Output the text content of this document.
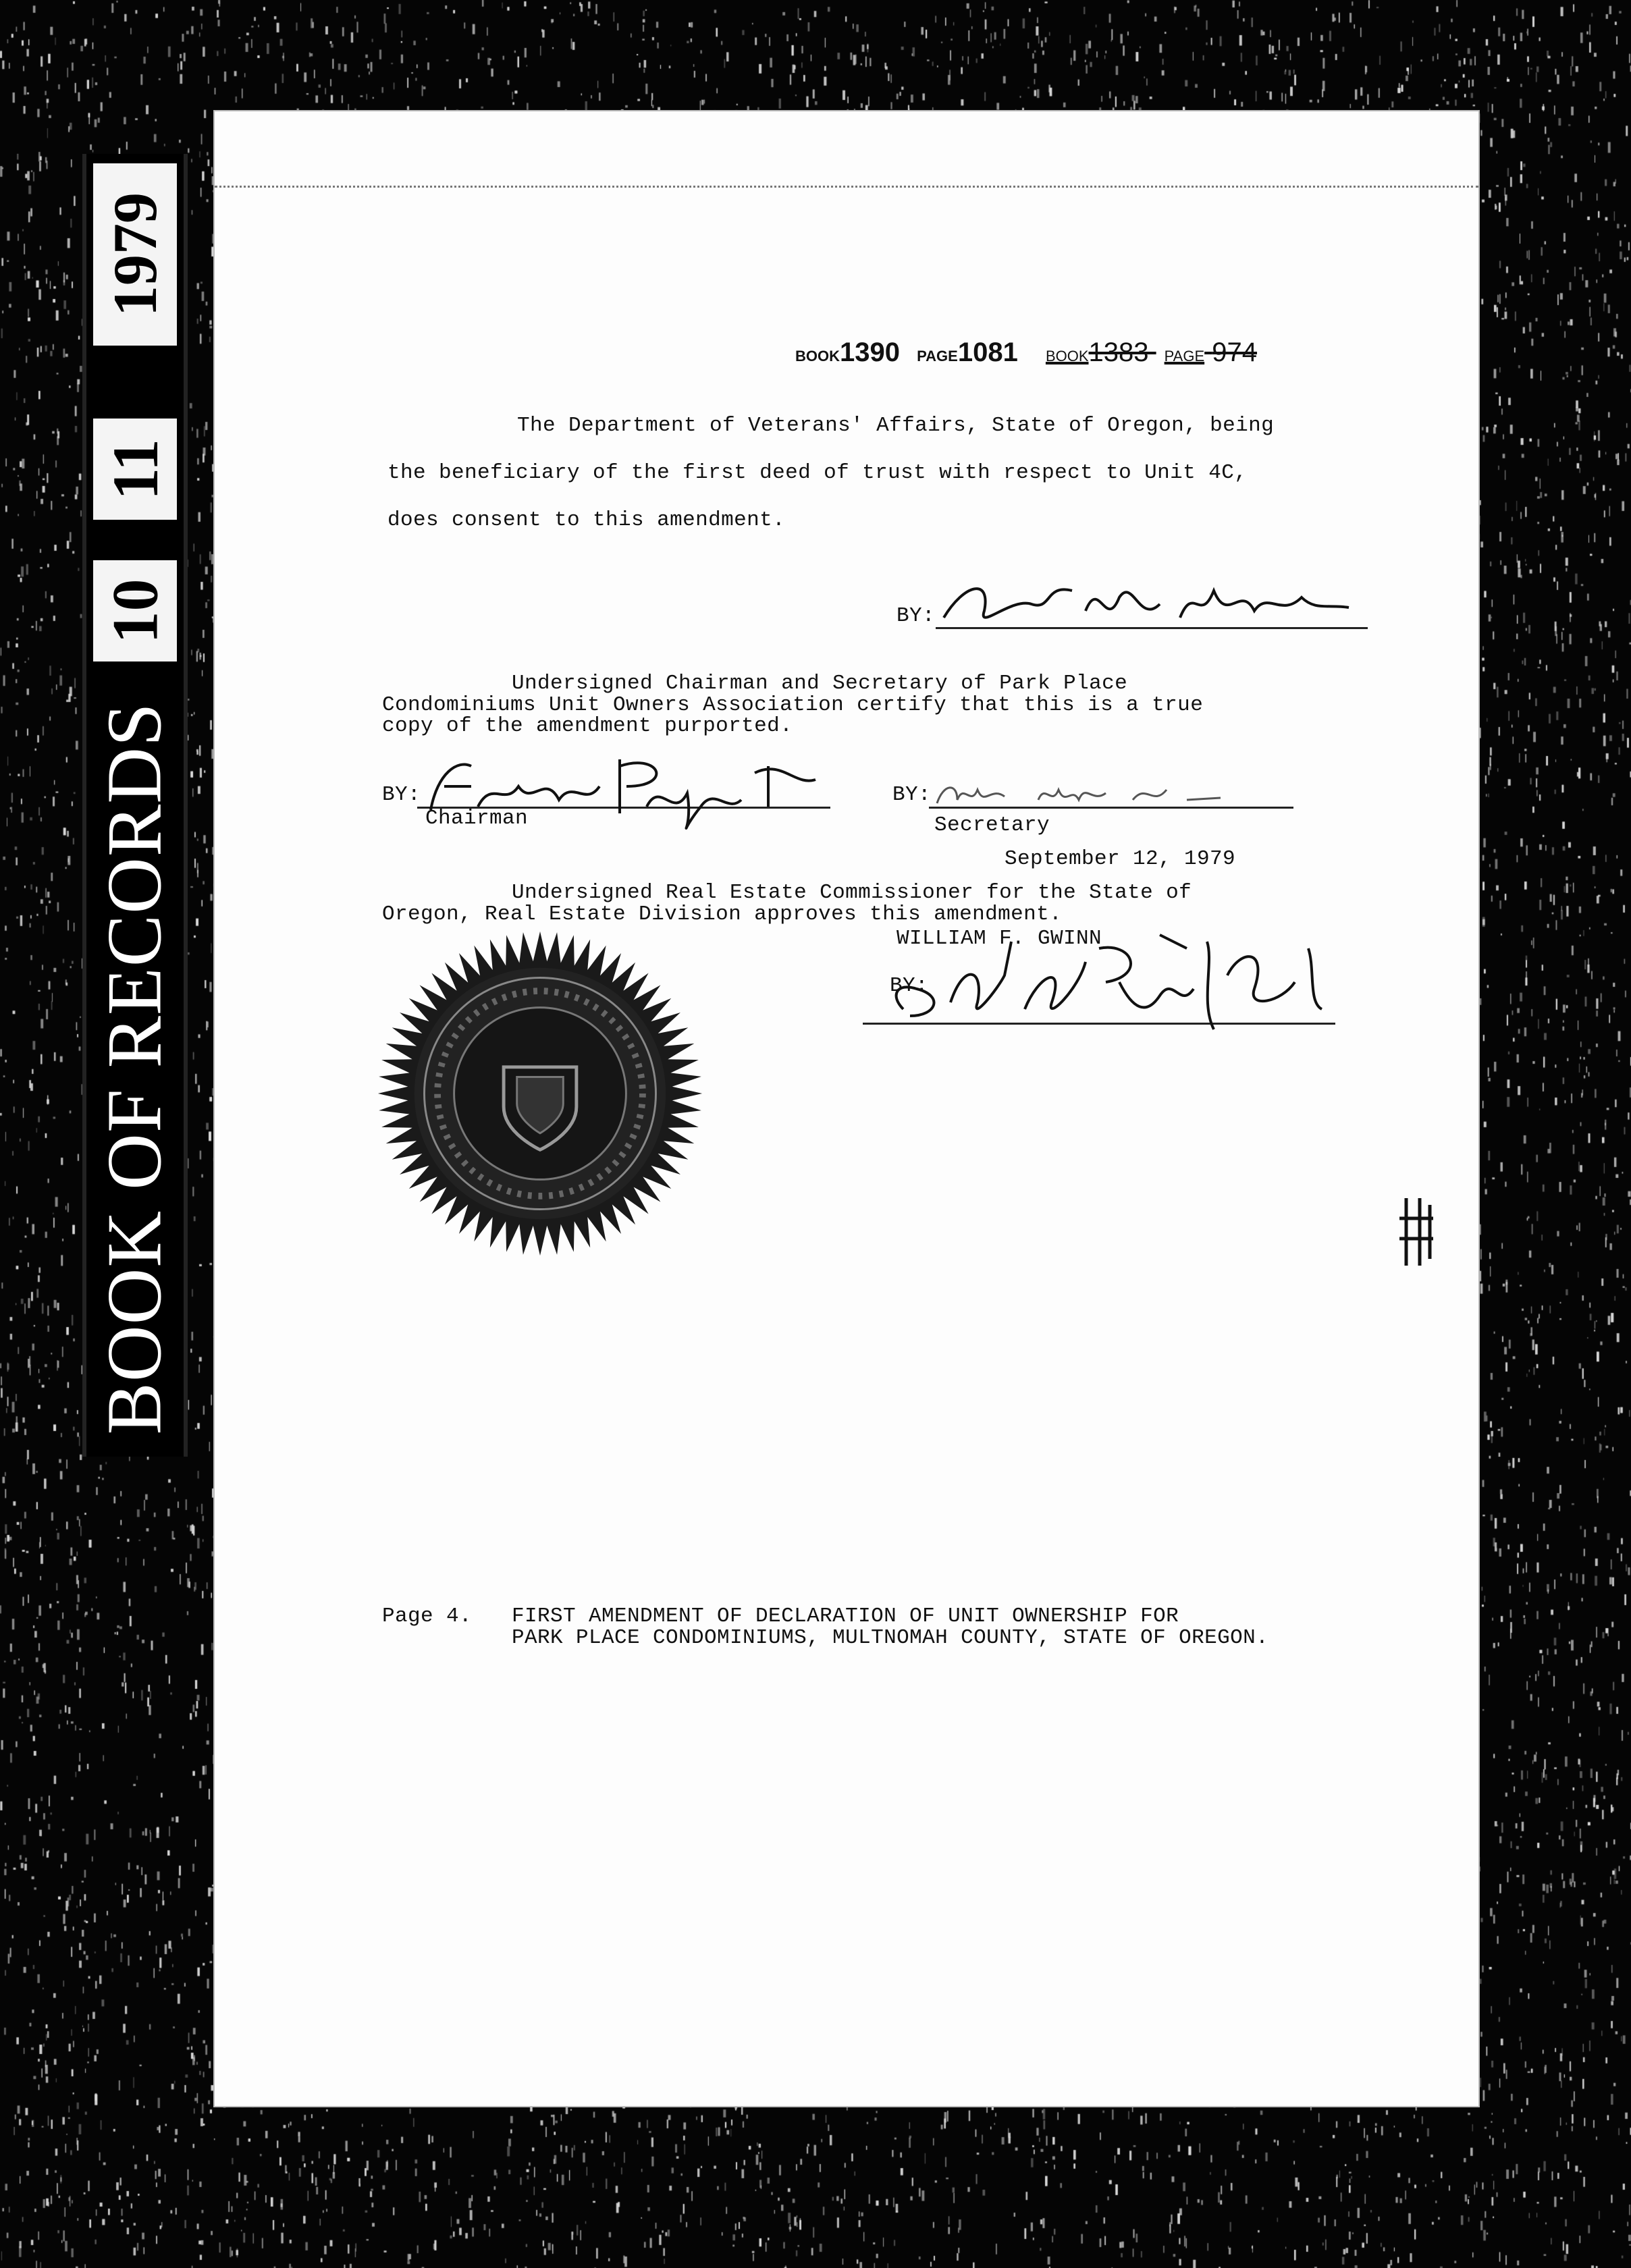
1979
11
10
BOOK OF RECORDS
BOOK1390 PAGE1081 BOOK1383 PAGE 974
The Department of Veterans' Affairs, State of Oregon, being
the beneficiary of the first deed of trust with respect to Unit 4C,
does consent to this amendment.
BY:
Undersigned Chairman and Secretary of Park Place
Condominiums Unit Owners Association certify that this is a true
copy of the amendment purported.
BY:
Chairman
BY:
Secretary
September 12, 1979
Undersigned Real Estate Commissioner for the State of
Oregon, Real Estate Division approves this amendment.
WILLIAM F. GWINN
BY:
Page 4. FIRST AMENDMENT OF DECLARATION OF UNIT OWNERSHIP FOR
PARK PLACE CONDOMINIUMS, MULTNOMAH COUNTY, STATE OF OREGON.
